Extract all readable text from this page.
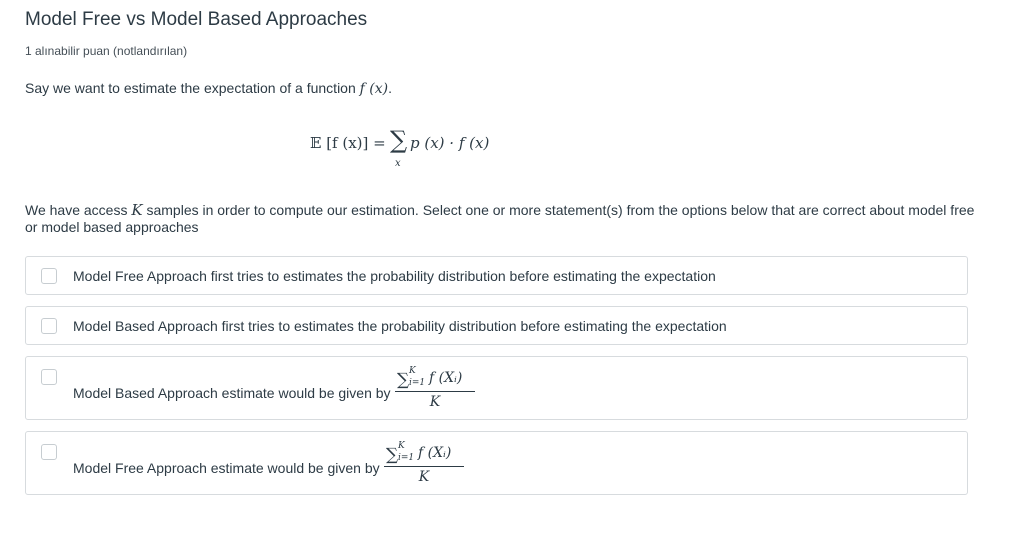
Model Free vs Model Based Approaches
1 alınabilir puan (notlandırılan)
Say we want to estimate the expectation of a function f (x).
𝔼 [f (x)] = ∑
x
p (x) · f (x)
We have access K samples in order to compute our estimation. Select one or more statement(s) from the options below that are correct about model free or model based approaches
Model Free Approach first tries to estimates the probability distribution before estimating the expectation
Model Based Approach first tries to estimates the probability distribution before estimating the expectation
Model Based Approach estimate would be given by
∑ K
i=1 f (Xᵢ)
K
Model Free Approach estimate would be given by
∑ K
i=1 f (Xᵢ)
K
